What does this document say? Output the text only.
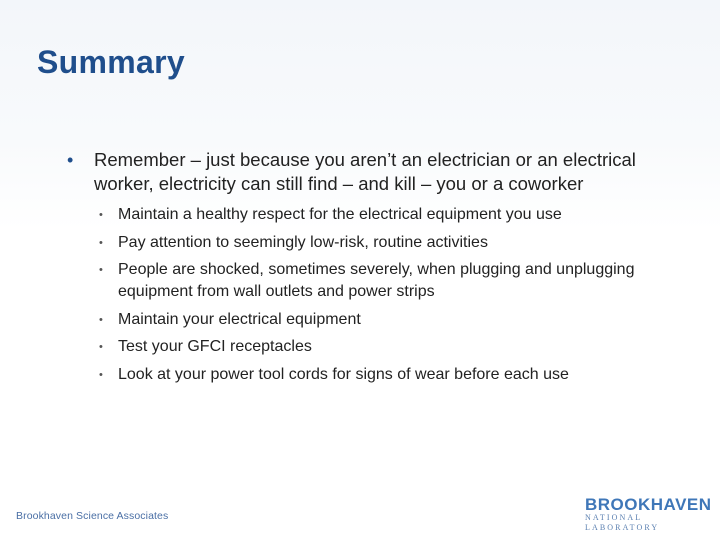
Summary
• Remember – just because you aren’t an electrician or an electrical worker, electricity can still find – and kill – you or a coworker
• Maintain a healthy respect for the electrical equipment you use
• Pay attention to seemingly low-risk, routine activities
• People are shocked, sometimes severely, when plugging and unplugging equipment from wall outlets and power strips
• Maintain your electrical equipment
• Test your GFCI receptacles
• Look at your power tool cords for signs of wear before each use
Brookhaven Science Associates
BROOKHAVEN
NATIONAL LABORATORY
